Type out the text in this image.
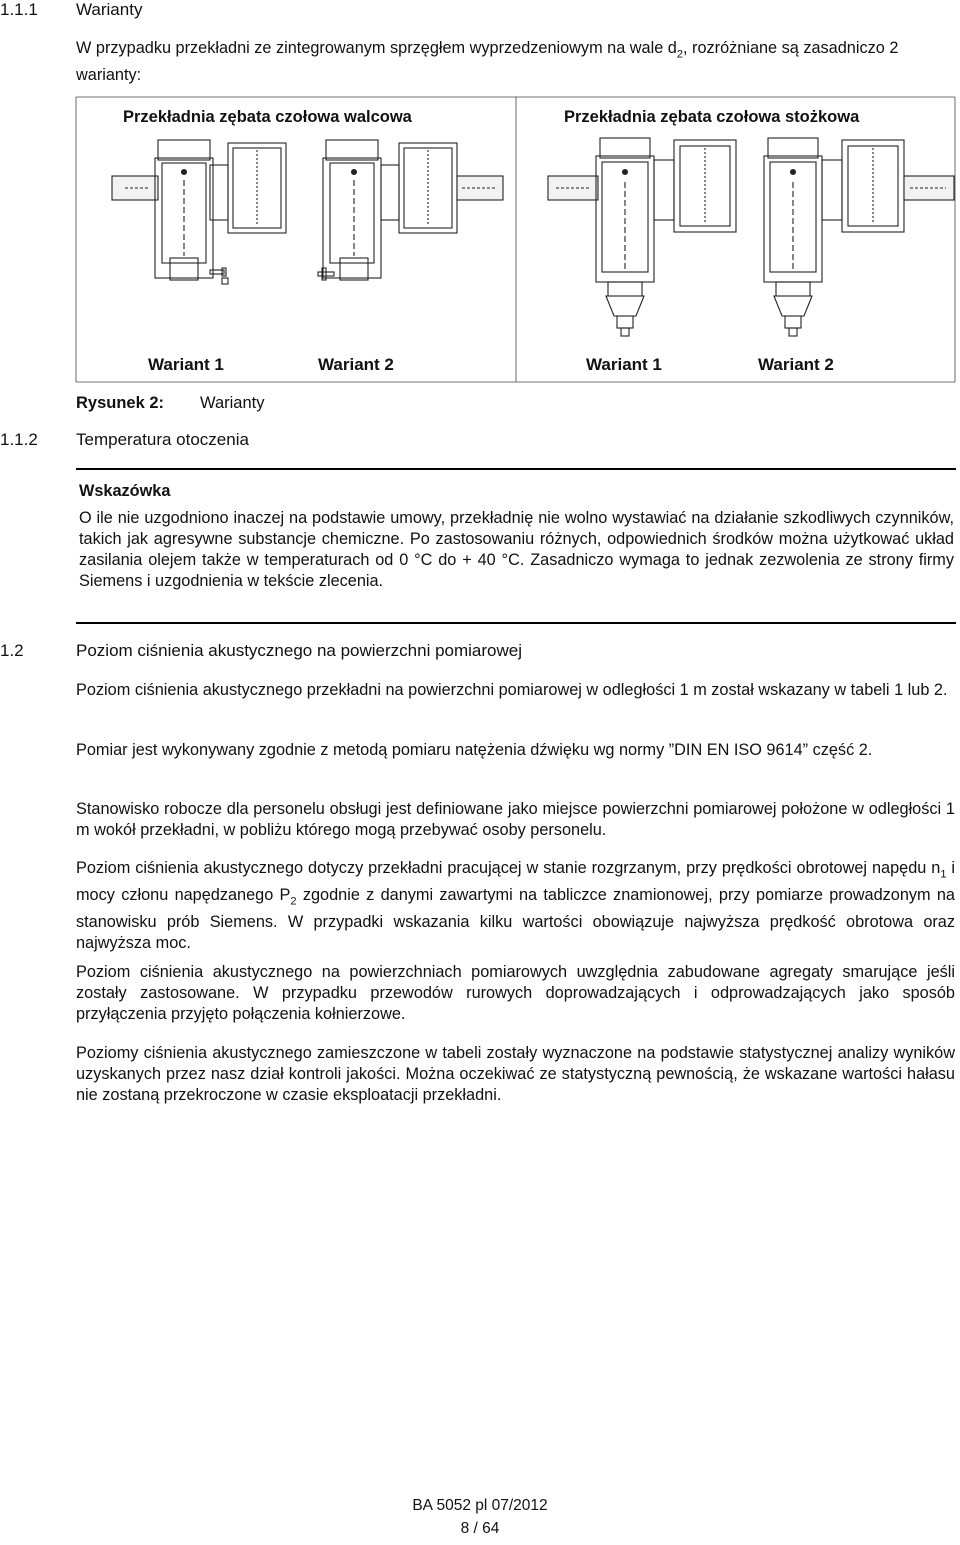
1.1.1 Warianty
W przypadku przekładni ze zintegrowanym sprzęgłem wyprzedzeniowym na wale $d_2$, rozróżniane są zasadniczo 2 warianty:
Przekładnia zębata czołowa walcowa	Przekładnia zębata czołowa stożkowa
Wariant 1	Wariant 2	Wariant 1	Wariant 2
Rysunek 2: Warianty
1.1.2 Temperatura otoczenia
Wskazówka
O ile nie uzgodniono inaczej na podstawie umowy, przekładnię nie wolno wystawiać na działanie szkodliwych czynników, takich jak agresywne substancje chemiczne. Po zastosowaniu różnych, odpowiednich środków można użytkować układ zasilania olejem także w temperaturach od 0 °C do + 40 °C. Zasadniczo wymaga to jednak zezwolenia ze strony firmy Siemens i uzgodnienia w tekście zlecenia.
1.2	Poziom ciśnienia akustycznego na powierzchni pomiarowej
Poziom ciśnienia akustycznego przekładni na powierzchni pomiarowej w odległości 1 m został wskazany w tabeli 1 lub 2.
Pomiar jest wykonywany zgodnie z metodą pomiaru natężenia dźwięku wg normy ”DIN EN ISO 9614” część 2.
Stanowisko robocze dla personelu obsługi jest definiowane jako miejsce powierzchni pomiarowej położone w odległości 1 m wokół przekładni, w pobliżu którego mogą przebywać osoby personelu.
Poziom ciśnienia akustycznego dotyczy przekładni pracującej w stanie rozgrzanym, przy prędkości obrotowej napędu $n_1$ i mocy członu napędzanego $P_2$ zgodnie z danymi zawartymi na tabliczce znamionowej, przy pomiarze prowadzonym na stanowisku prób Siemens. W przypadki wskazania kilku wartości obowiązuje najwyższa prędkość obrotowa oraz najwyższa moc.
Poziom ciśnienia akustycznego na powierzchniach pomiarowych uwzględnia zabudowane agregaty smarujące jeśli zostały zastosowane. W przypadku przewodów rurowych doprowadzających i odprowadzających jako sposób przyłączenia przyjęto połączenia kołnierzowe.
Poziomy ciśnienia akustycznego zamieszczone w tabeli zostały wyznaczone na podstawie statystycznej analizy wyników uzyskanych przez nasz dział kontroli jakości. Można oczekiwać ze statystyczną pewnością, że wskazane wartości hałasu nie zostaną przekroczone w czasie eksploatacji przekładni.
BA 5052 pl 07/2012
8 / 64
